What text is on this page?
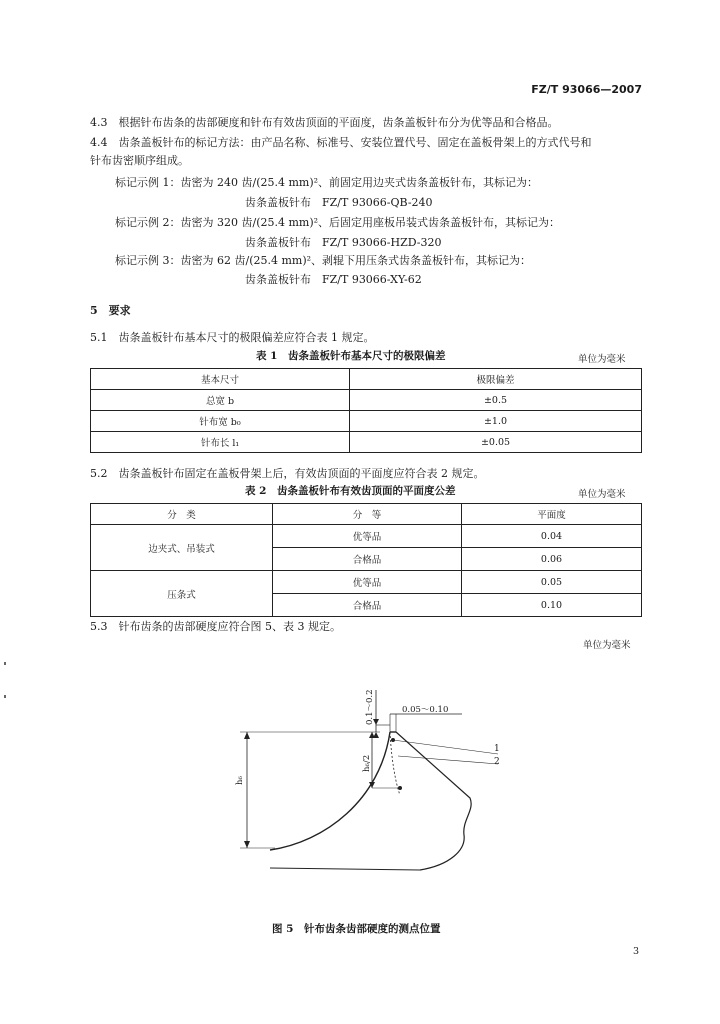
FZ/T 93066—2007
4.3　根据针布齿条的齿部硬度和针布有效齿顶面的平面度，齿条盖板针布分为优等品和合格品。
4.4　齿条盖板针布的标记方法：由产品名称、标准号、安装位置代号、固定在盖板骨架上的方式代号和
针布齿密顺序组成。
标记示例 1：齿密为 240 齿/(25.4 mm)²、前固定用边夹式齿条盖板针布，其标记为：
齿条盖板针布　FZ/T 93066-QB-240
标记示例 2：齿密为 320 齿/(25.4 mm)²、后固定用座板吊装式齿条盖板针布，其标记为：
齿条盖板针布　FZ/T 93066-HZD-320
标记示例 3：齿密为 62 齿/(25.4 mm)²、剥辊下用压条式齿条盖板针布，其标记为：
齿条盖板针布　FZ/T 93066-XY-62
5　要求
5.1　齿条盖板针布基本尺寸的极限偏差应符合表 1 规定。
表 1　齿条盖板针布基本尺寸的极限偏差	单位为毫米
基本尺寸	极限偏差
总宽 b	±0.5
针布宽 b₀	±1.0
针布长 l₁	±0.05
5.2　齿条盖板针布固定在盖板骨架上后，有效齿顶面的平面度应符合表 2 规定。
表 2　齿条盖板针布有效齿顶面的平面度公差	单位为毫米
分　类	分　等	平面度
边夹式、吊装式	优等品	0.04
	合格品	0.06
压条式	优等品	0.05
	合格品	0.10
5.3　针布齿条的齿部硬度应符合图 5、表 3 规定。
单位为毫米
h₆
h₆/2
0.1～0.2	0.05～0.10
1
2
图 5　针布齿条齿部硬度的测点位置
3
